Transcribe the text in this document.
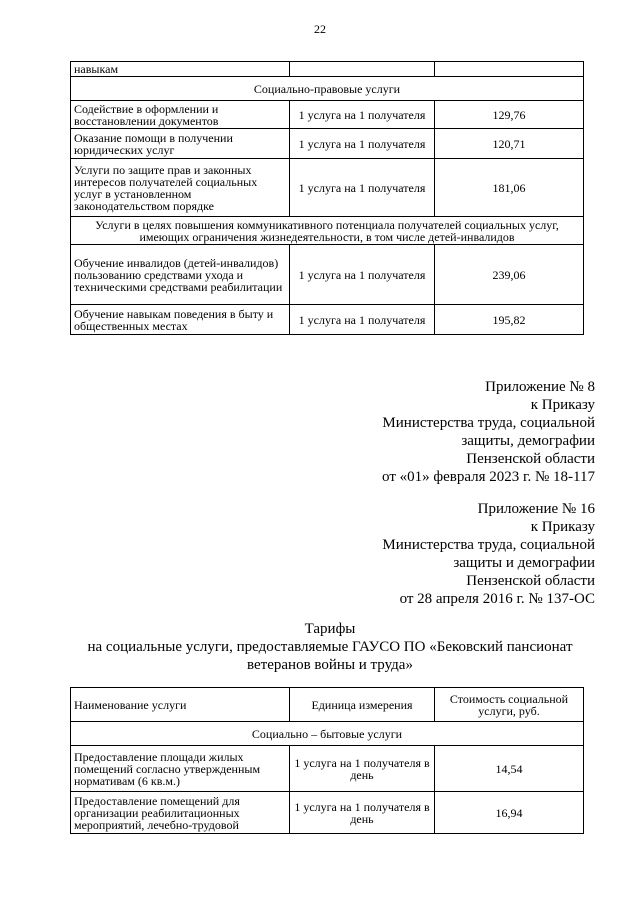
22
навыкам		
Социально-правовые услуги		
Содействие в оформлении и восстановлении документов	1 услуга на 1 получателя	129,76
Оказание помощи в получении юридических услуг	1 услуга на 1 получателя	120,71
Услуги по защите прав и законных интересов получателей социальных услуг в установленном законодательством порядке	1 услуга на 1 получателя	181,06
Услуги в целях повышения коммуникативного потенциала получателей социальных услуг, имеющих ограничения жизнедеятельности, в том числе детей-инвалидов		
Обучение инвалидов (детей-инвалидов) пользованию средствами ухода и техническими средствами реабилитации	1 услуга на 1 получателя	239,06
Обучение навыкам поведения в быту и общественных местах	1 услуга на 1 получателя	195,82
Приложение № 8
к Приказу
Министерства труда, социальной
защиты, демографии
Пензенской области
от «01» февраля 2023 г. № 18-117
Приложение № 16
к Приказу
Министерства труда, социальной
защиты и демографии
Пензенской области
от 28 апреля 2016 г. № 137-ОС
Тарифы
на социальные услуги, предоставляемые ГАУСО ПО «Бековский пансионат
ветеранов войны и труда»
Наименование услуги	Единица измерения	Стоимость социальной услуги, руб.
Социально – бытовые услуги		
Предоставление площади жилых помещений согласно утвержденным нормативам (6 кв.м.)	1 услуга на 1 получателя в день	14,54
Предоставление помещений для организации реабилитационных мероприятий, лечебно-трудовой	1 услуга на 1 получателя в день	16,94
